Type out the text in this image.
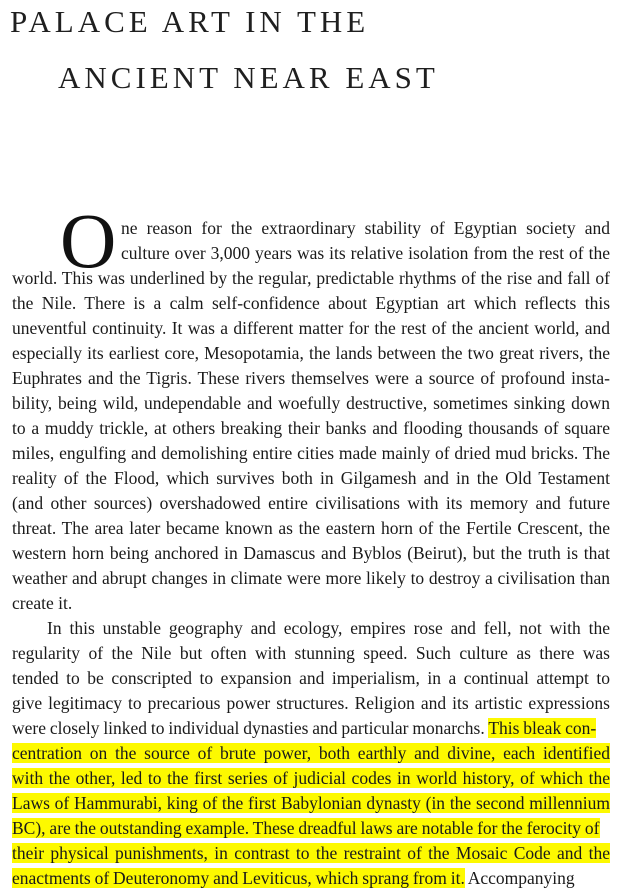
PALACE ART IN THE
ANCIENT NEAR EAST
O ne reason for the extraordinary stability of Egyptian society and
culture over 3,000 years was its relative isolation from the rest of the
world. This was underlined by the regular, predictable rhythms of the rise and fall of
the Nile. There is a calm self-confidence about Egyptian art which reflects this
uneventful continuity. It was a different matter for the rest of the ancient world, and
especially its earliest core, Mesopotamia, the lands between the two great rivers, the
Euphrates and the Tigris. These rivers themselves were a source of profound insta-
bility, being wild, undependable and woefully destructive, sometimes sinking down
to a muddy trickle, at others breaking their banks and flooding thousands of square
miles, engulfing and demolishing entire cities made mainly of dried mud bricks. The
reality of the Flood, which survives both in Gilgamesh and in the Old Testament
(and other sources) overshadowed entire civilisations with its memory and future
threat. The area later became known as the eastern horn of the Fertile Crescent, the
western horn being anchored in Damascus and Byblos (Beirut), but the truth is that
weather and abrupt changes in climate were more likely to destroy a civilisation than
create it.
In this unstable geography and ecology, empires rose and fell, not with the
regularity of the Nile but often with stunning speed. Such culture as there was
tended to be conscripted to expansion and imperialism, in a continual attempt to
give legitimacy to precarious power structures. Religion and its artistic expressions
were closely linked to individual dynasties and particular monarchs. This bleak con-
centration on the source of brute power, both earthly and divine, each identified
with the other, led to the first series of judicial codes in world history, of which the
Laws of Hammurabi, king of the first Babylonian dynasty (in the second millennium
BC), are the outstanding example. These dreadful laws are notable for the ferocity of
their physical punishments, in contrast to the restraint of the Mosaic Code and the
enactments of Deuteronomy and Leviticus, which sprang from it. Accompanying
